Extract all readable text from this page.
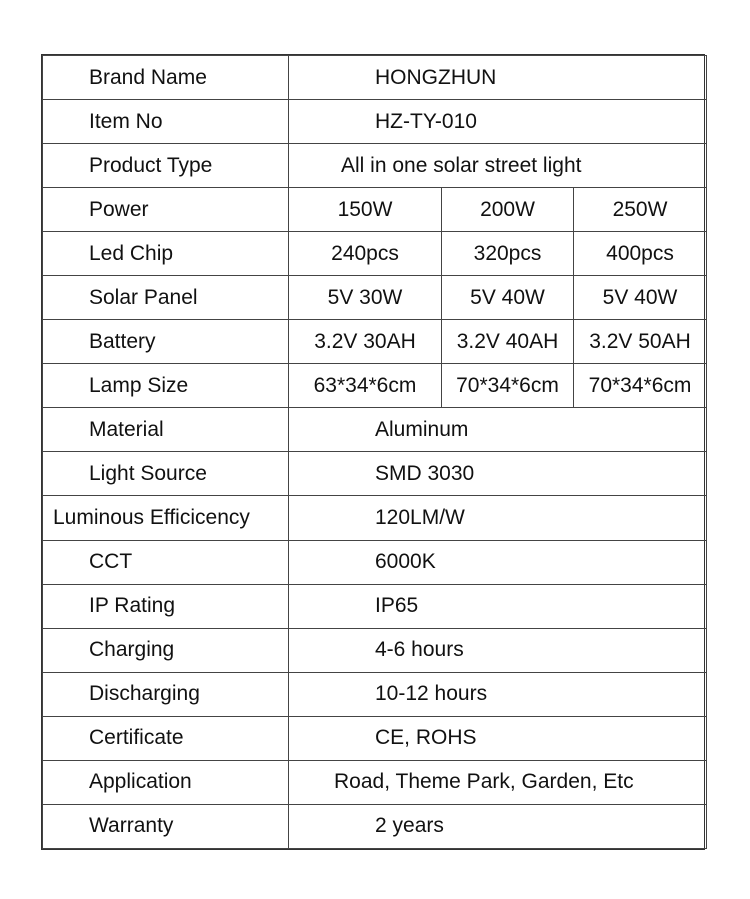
Brand Name	HONGZHUN		
Item No	HZ-TY-010		
Product Type	All in one solar street light		
Power	150W	200W	250W
Led Chip	240pcs	320pcs	400pcs
Solar Panel	5V 30W	5V 40W	5V 40W
Battery	3.2V 30AH	3.2V 40AH	3.2V 50AH
Lamp Size	63*34*6cm	70*34*6cm	70*34*6cm
Material	Aluminum		
Light Source	SMD 3030		
Luminous Efficicency	120LM/W		
CCT	6000K		
IP Rating	IP65		
Charging	4-6 hours		
Discharging	10-12 hours		
Certificate	CE, ROHS		
Application	Road, Theme Park, Garden, Etc		
Warranty	2 years		
